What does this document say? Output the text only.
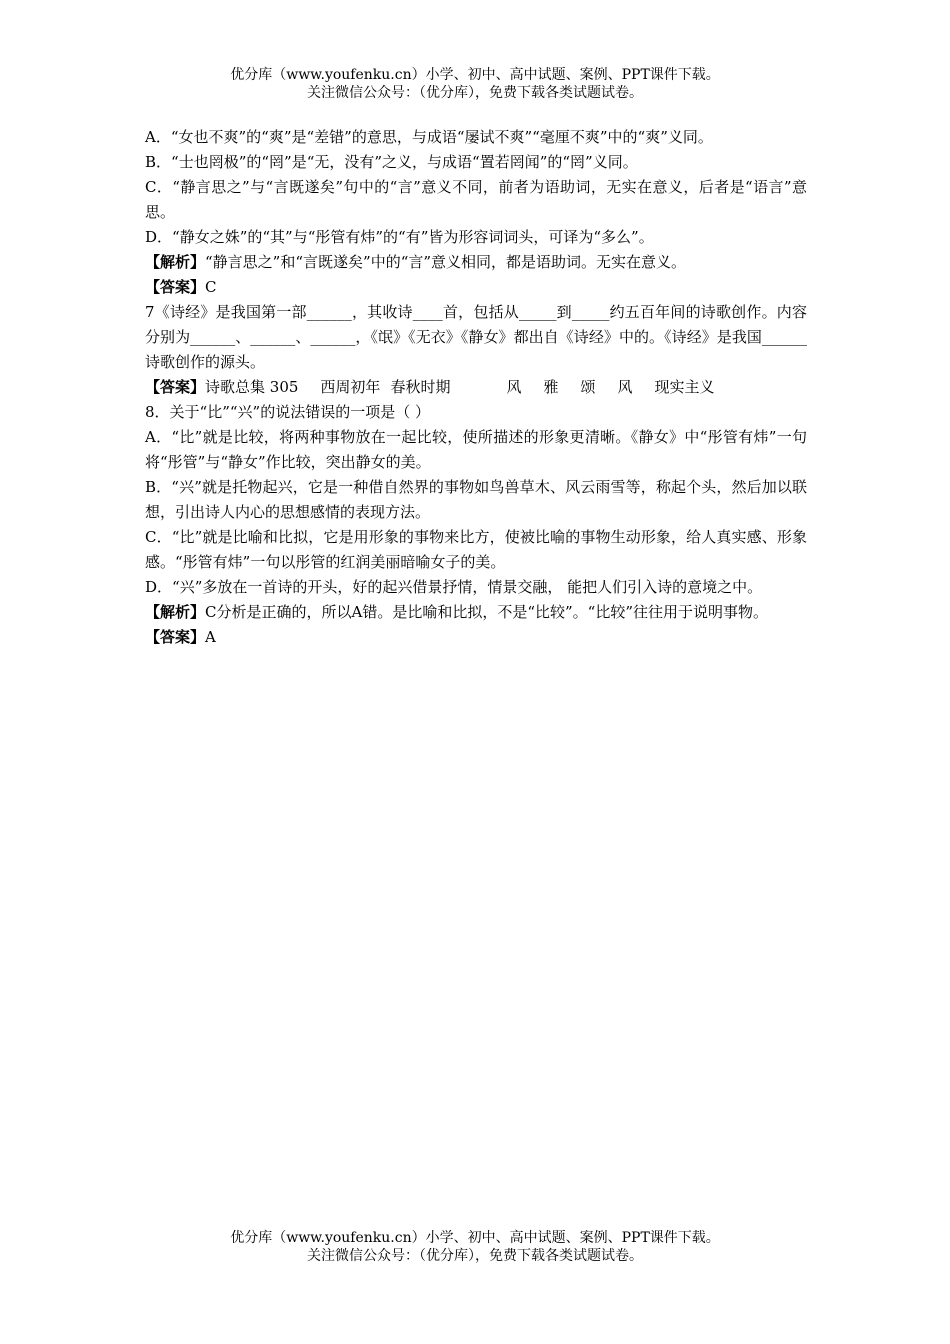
优分库（www.youfenku.cn）小学、初中、高中试题、案例、PPT课件下载。
关注微信公众号：（优分库），免费下载各类试题试卷。

A．“女也不爽”的“爽”是“差错”的意思，与成语“屡试不爽”“毫厘不爽”中的“爽”义同。

B．“士也罔极”的“罔”是“无，没有”之义，与成语“置若罔闻”的“罔”义同。

C．“静言思之”与“言既遂矣”句中的“言”意义不同，前者为语助词，无实在意义，后者是“语言”意思。

D．“静女之姝”的“其”与“彤管有炜”的“有”皆为形容词词头，可译为“多么”。

【解析】“静言思之”和“言既遂矣”中的“言”意义相同，都是语助词。无实在意义。

【答案】C

7《诗经》是我国第一部______，其收诗____首，包括从_____到_____约五百年间的诗歌创作。内容分别为______、______、______，《氓》《无衣》《静女》都出自《诗经》中的。《诗经》是我国______诗歌创作的源头。

【答案】诗歌总集 305 西周初年 春秋时期	风 雅 颂 风 现实主义

8．关于“比”“兴”的说法错误的一项是（ ）

A．“比”就是比较，将两种事物放在一起比较，使所描述的形象更清晰。《静女》中“彤管有炜”一句将“彤管”与“静女”作比较，突出静女的美。

B．“兴”就是托物起兴，它是一种借自然界的事物如鸟兽草木、风云雨雪等，称起个头，然后加以联想，引出诗人内心的思想感情的表现方法。

C．“比”就是比喻和比拟，它是用形象的事物来比方，使被比喻的事物生动形象，给人真实感、形象感。“彤管有炜”一句以彤管的红润美丽暗喻女子的美。

D．“兴”多放在一首诗的开头，好的起兴借景抒情，情景交融， 能把人们引入诗的意境之中。

【解析】C分析是正确的，所以A错。是比喻和比拟，不是“比较”。“比较”往往用于说明事物。

【答案】A

优分库（www.youfenku.cn）小学、初中、高中试题、案例、PPT课件下载。
关注微信公众号：（优分库），免费下载各类试题试卷。
